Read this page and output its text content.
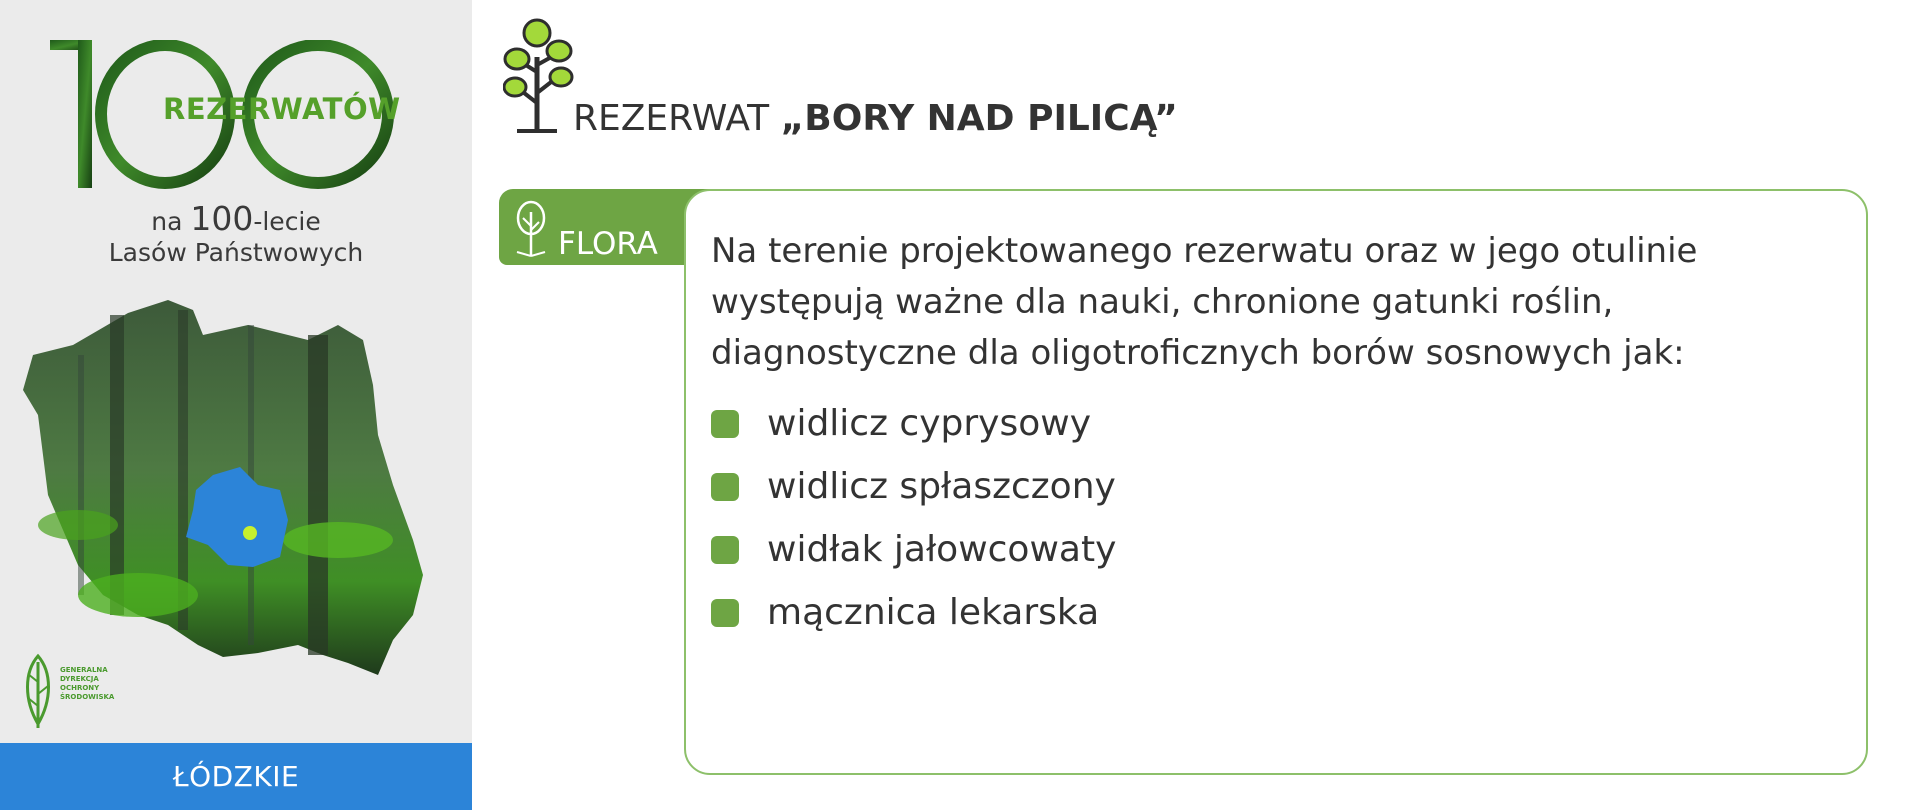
REZERWATÓW
na 100-lecie
Lasów Państwowych
GENERALNA
DYREKCJA
OCHRONY
ŚRODOWISKA
ŁÓDZKIE
REZERWAT „BORY NAD PILICĄ”
FLORA Na terenie projektowanego rezerwatu oraz w jego otulinie występują ważne dla nauki, chronione gatunki roślin, diagnostyczne dla oligotroficznych borów sosnowych jak:
widlicz cyprysowy
widlicz spłaszczony
widłak jałowcowaty
mącznica lekarska
